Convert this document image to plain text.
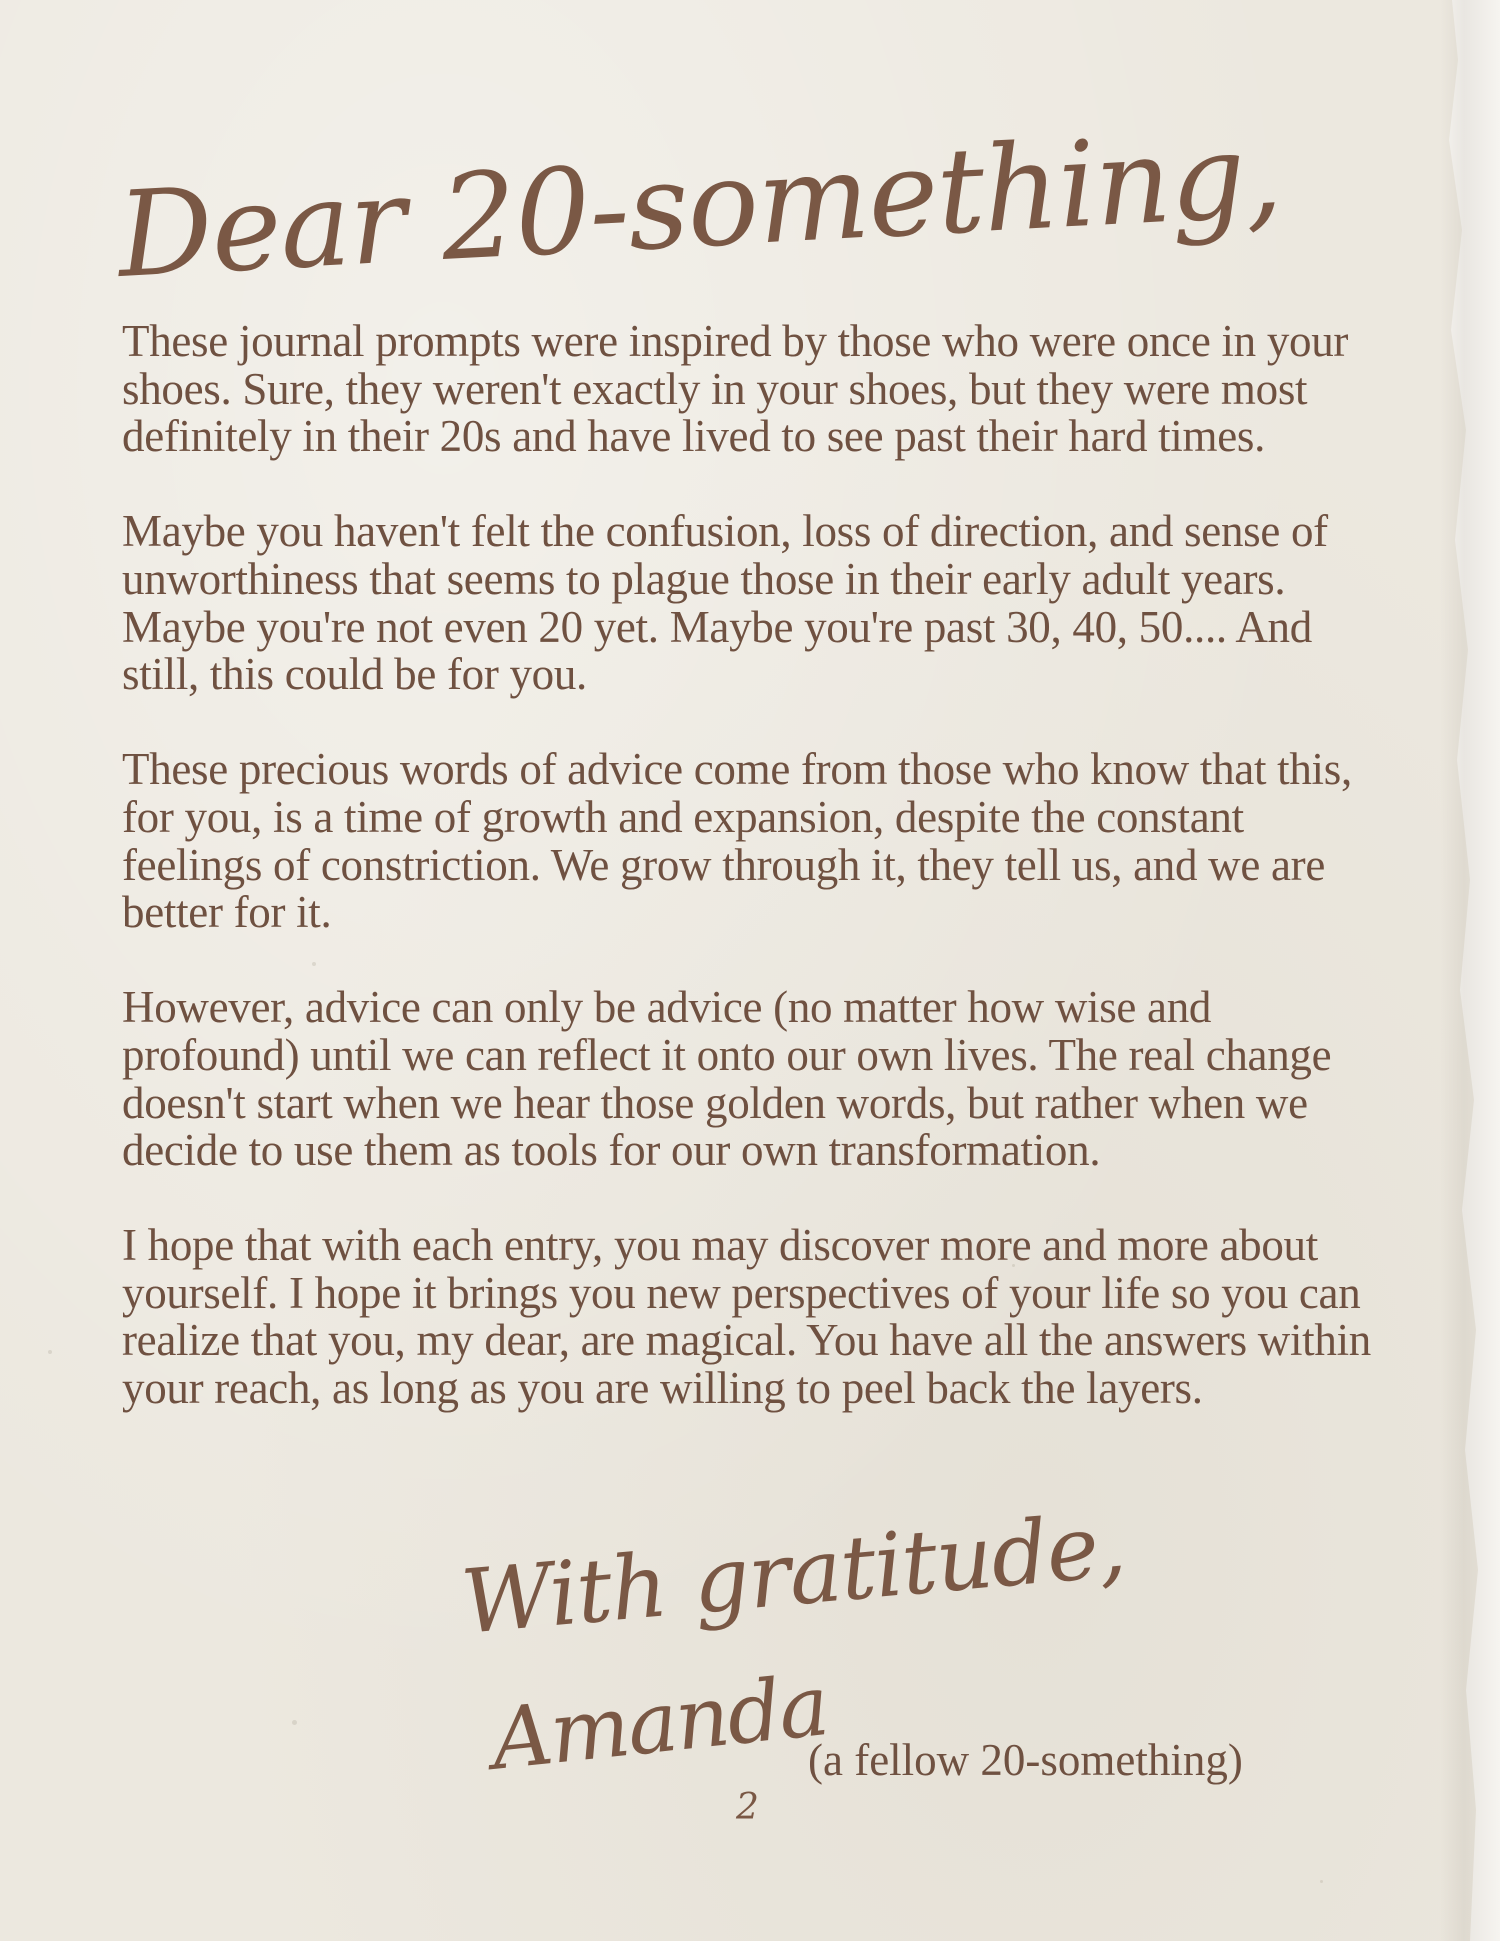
Dear 20-something,

These journal prompts were inspired by those who were once in your shoes. Sure, they weren't exactly in your shoes, but they were most definitely in their 20s and have lived to see past their hard times.

Maybe you haven't felt the confusion, loss of direction, and sense of unworthiness that seems to plague those in their early adult years. Maybe you're not even 20 yet. Maybe you're past 30, 40, 50.... And still, this could be for you.

These precious words of advice come from those who know that this, for you, is a time of growth and expansion, despite the constant feelings of constriction. We grow through it, they tell us, and we are better for it.

However, advice can only be advice (no matter how wise and profound) until we can reflect it onto our own lives. The real change doesn't start when we hear those golden words, but rather when we decide to use them as tools for our own transformation.

I hope that with each entry, you may discover more and more about yourself. I hope it brings you new perspectives of your life so you can realize that you, my dear, are magical. You have all the answers within your reach, as long as you are willing to peel back the layers.

With gratitude,
Amanda
(a fellow 20-something)
2
